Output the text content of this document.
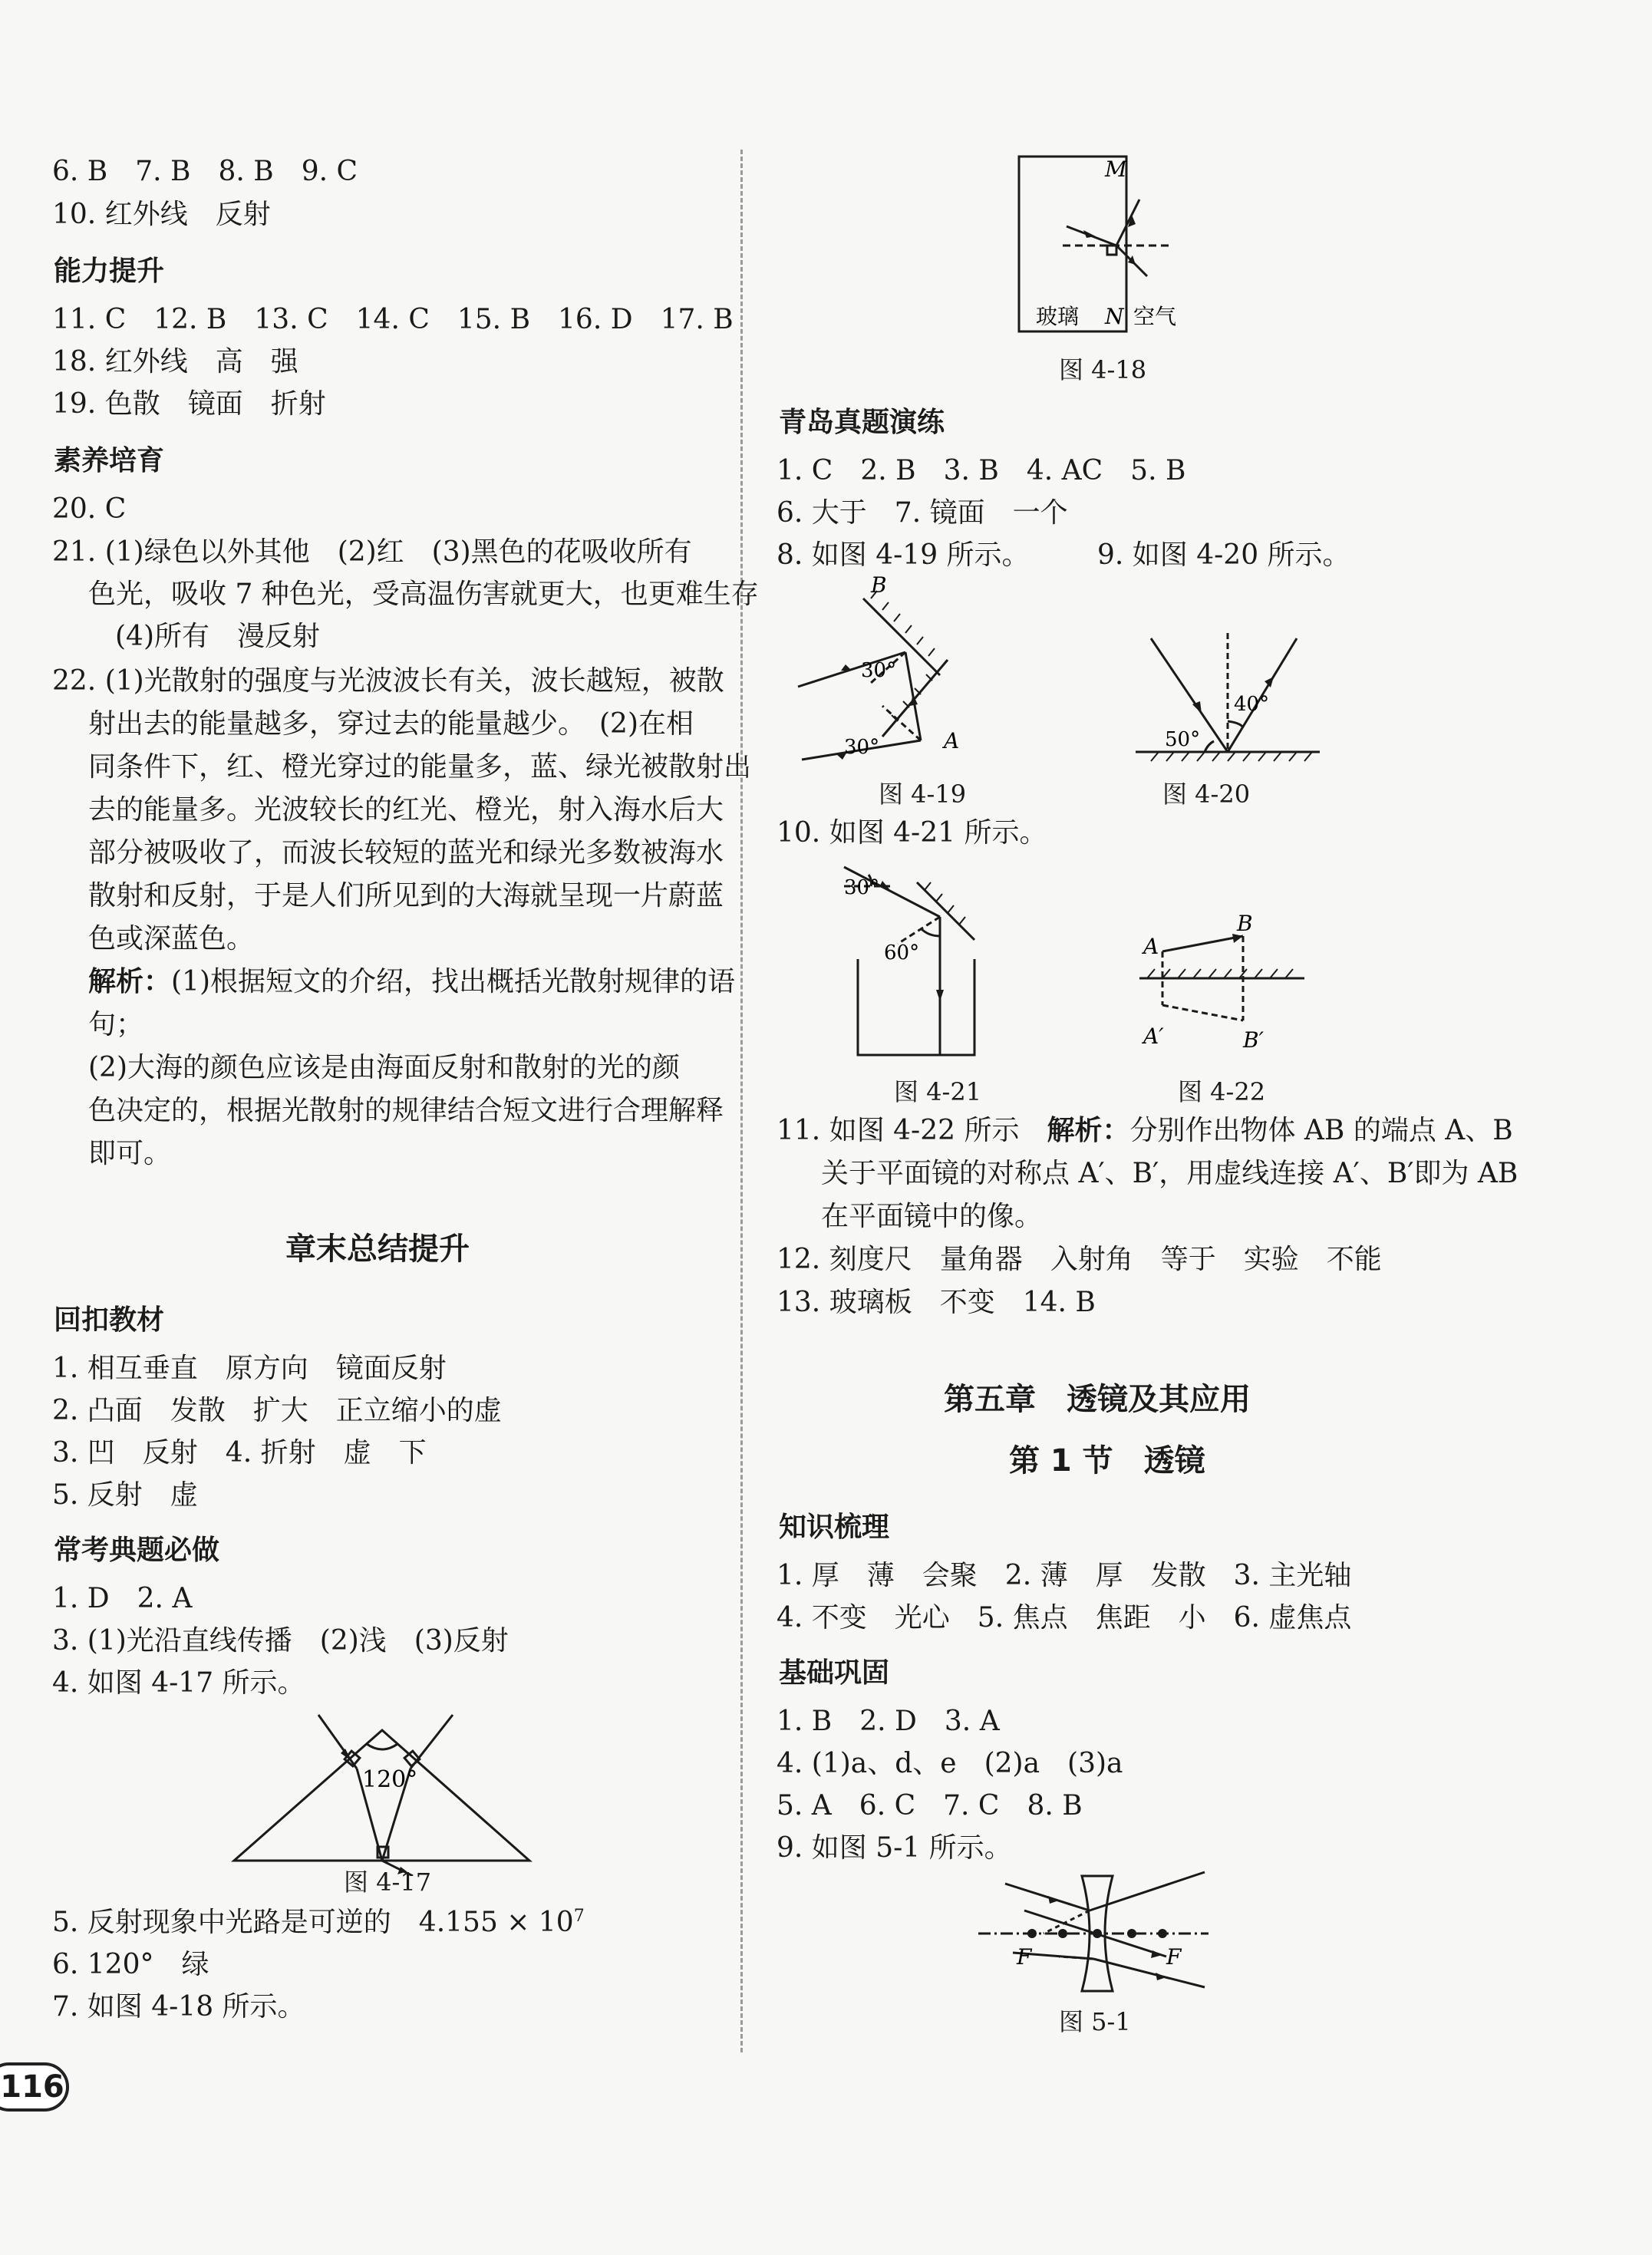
6. B　7. B　8. B　9. C
10. 红外线　反射
能力提升
11. C　12. B　13. C　14. C　15. B　16. D　17. B
18. 红外线　高　强
19. 色散　镜面　折射
素养培育
20. C
21. (1)绿色以外其他　(2)红　(3)黑色的花吸收所有
色光，吸收 7 种色光，受高温伤害就更大，也更难生存
(4)所有　漫反射
22. (1)光散射的强度与光波波长有关，波长越短，被散
射出去的能量越多，穿过去的能量越少。　(2)在相
同条件下，红、橙光穿过的能量多，蓝、绿光被散射出
去的能量多。光波较长的红光、橙光，射入海水后大
部分被吸收了，而波长较短的蓝光和绿光多数被海水
散射和反射，于是人们所见到的大海就呈现一片蔚蓝
色或深蓝色。
解析：(1)根据短文的介绍，找出概括光散射规律的语
句；
(2)大海的颜色应该是由海面反射和散射的光的颜
色决定的，根据光散射的规律结合短文进行合理解释
即可。
章末总结提升
回扣教材
1. 相互垂直　原方向　镜面反射
2. 凸面　发散　扩大　正立缩小的虚
3. 凹　反射　4. 折射　虚　下
5. 反射　虚
常考典题必做
1. D　2. A
3. (1)光沿直线传播　(2)浅　(3)反射
4. 如图 4-17 所示。
120°
图 4-17
5. 反射现象中光路是可逆的　$4.155 \times 10^7$
6. 120°　绿
7. 如图 4-18 所示。
116
M
N
玻璃	空气
图 4-18
青岛真题演练
1. C　2. B　3. B　4. AC　5. B
6. 大于　7. 镜面　一个
8. 如图 4-19 所示。 9. 如图 4-20 所示。
B
A
30°
30°
图 4-19
40°
50°
图 4-20
10. 如图 4-21 所示。
30°
60°
图 4-21
A
B
A′	B′
图 4-22
11. 如图 4-22 所示　解析：分别作出物体 AB 的端点 A、B
关于平面镜的对称点 A′、B′，用虚线连接 A′、B′即为 AB
在平面镜中的像。
12. 刻度尺　量角器　入射角　等于　实验　不能
13. 玻璃板　不变　14. B
第五章　透镜及其应用
第 1 节　透镜
知识梳理
1. 厚　薄　会聚　2. 薄　厚　发散　3. 主光轴
4. 不变　光心　5. 焦点　焦距　小　6. 虚焦点
基础巩固
1. B　2. D　3. A
4. (1)a、d、e　(2)a　(3)a
5. A　6. C　7. C　8. B
9. 如图 5-1 所示。
F	F
图 5-1
